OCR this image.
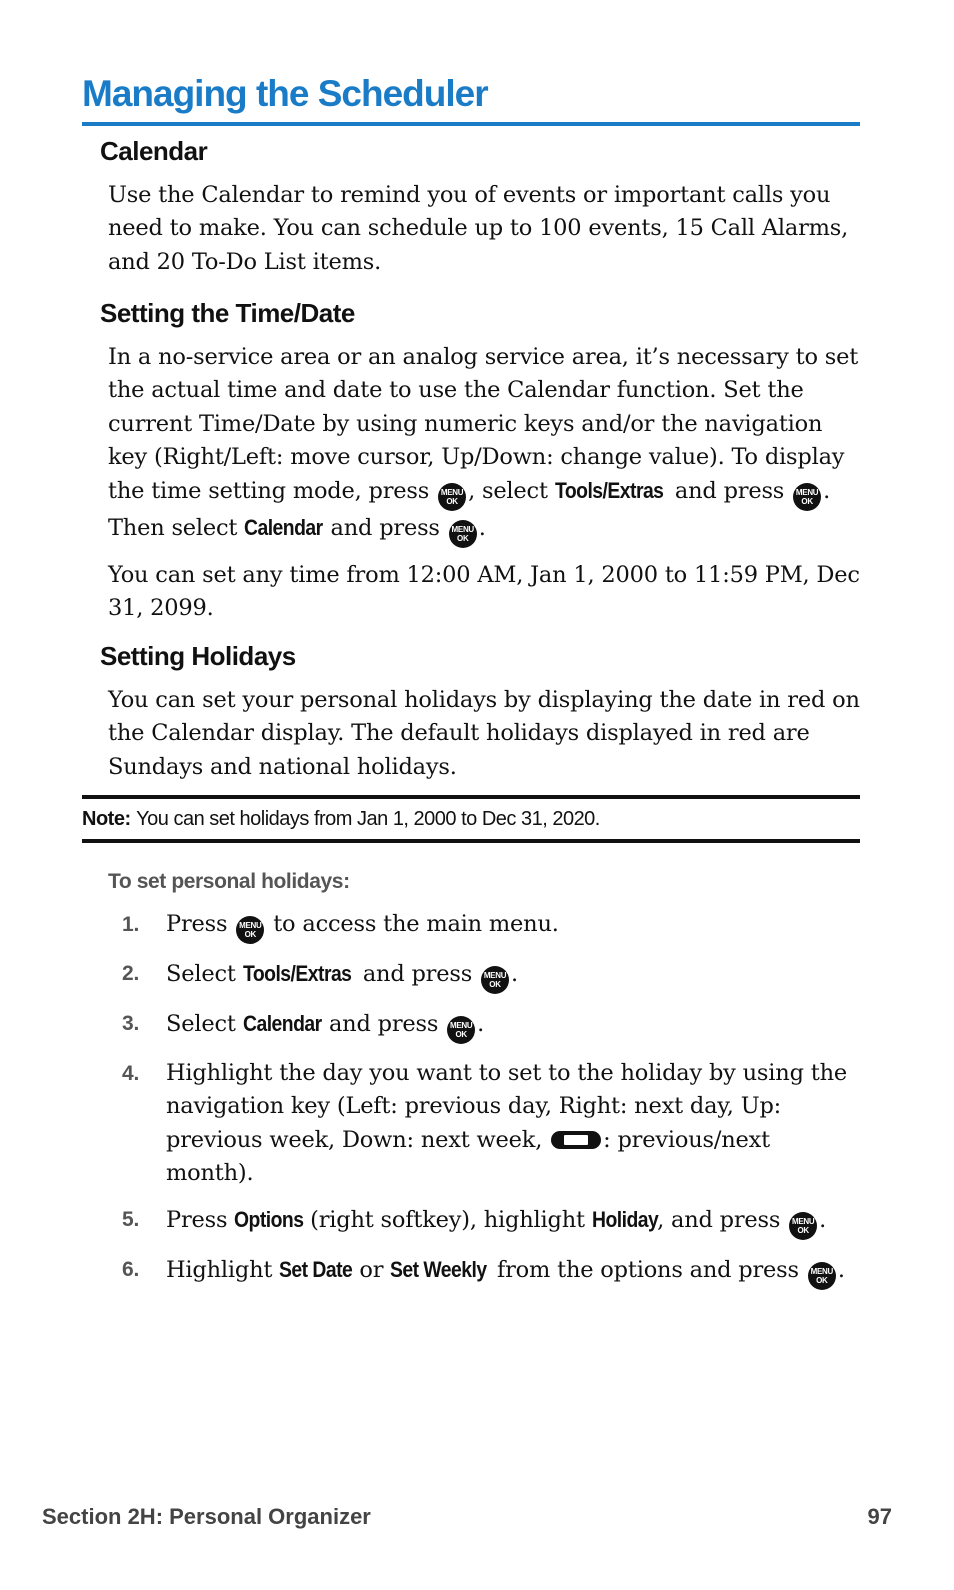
Managing the Scheduler
Calendar

Use the Calendar to remind you of events or important calls you need to make. You can schedule up to 100 events, 15 Call Alarms, and 20 To-Do List items.

Setting the Time/Date

In a no-service area or an analog service area, it’s necessary to set the actual time and date to use the Calendar function. Set the current Time/Date by using numeric keys and/or the navigation key (Right/Left: move cursor, Up/Down: change value). To display the time setting mode, press	MENU
OK , select Tools/Extras and press	MENU
OK .
Then select Calendar and press	MENU
OK .

You can set any time from 12:00 AM, Jan 1, 2000 to 11:59 PM, Dec 31, 2099.

Setting Holidays

You can set your personal holidays by displaying the date in red on the Calendar display. The default holidays displayed in red are Sundays and national holidays.

Note: You can set holidays from Jan 1, 2000 to Dec 31, 2020.

To set personal holidays:

1. Press	MENU
OK to access the main menu.
2. Select Tools/Extras and press	MENU
OK .
3. Select Calendar and press	MENU
OK .
4. Highlight the day you want to set to the holiday by using the navigation key (Left: previous day, Right: next day, Up: previous week, Down: next week,	: previous/next month).
5. Press Options (right softkey), highlight Holiday, and press	MENU
OK .
6. Highlight Set Date or Set Weekly from the options and press	MENU
OK .
Section 2H: Personal Organizer	97
